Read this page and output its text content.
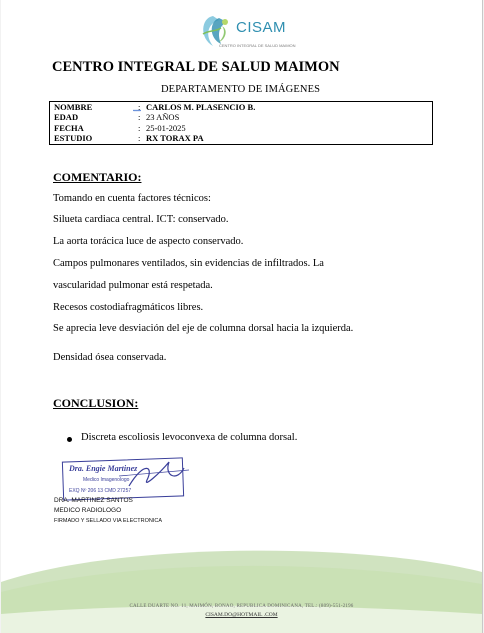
CISAM
CENTRO INTEGRAL DE SALUD MAIMON
CENTRO INTEGRAL DE SALUD MAIMON
DEPARTAMENTO DE IMÁGENES
NOMBRE	: CARLOS M. PLASENCIO B.
EDAD	: 23 AÑOS
FECHA	: 25-01-2025
ESTUDIO	: RX TORAX PA
COMENTARIO:
Tomando en cuenta factores técnicos:
Silueta cardiaca central. ICT: conservado.
La aorta torácica luce de aspecto conservado.
Campos pulmonares ventilados, sin evidencias de infiltrados. La
vascularidad pulmonar está respetada.
Recesos costodiafragmáticos libres.
Se aprecia leve desviación del eje de columna dorsal hacia la izquierda.
Densidad ósea conservada.
CONCLUSION:
Discreta escoliosis levoconvexa de columna dorsal.
Dra. Engie Martinez
Medico Imagenologo
EXQ Nº 206 13 CMD 27257
DRA. MARTINEZ SANTOS
MEDICO RADIOLOGO
FIRMADO Y SELLADO VIA ELECTRONICA
CALLE DUARTE NO. 11, MAIMÓN, BONAO, REPUBLICA DOMINICANA, TEL.: (809)-551-2196
CISAM.DO@HOTMAIL .COM
